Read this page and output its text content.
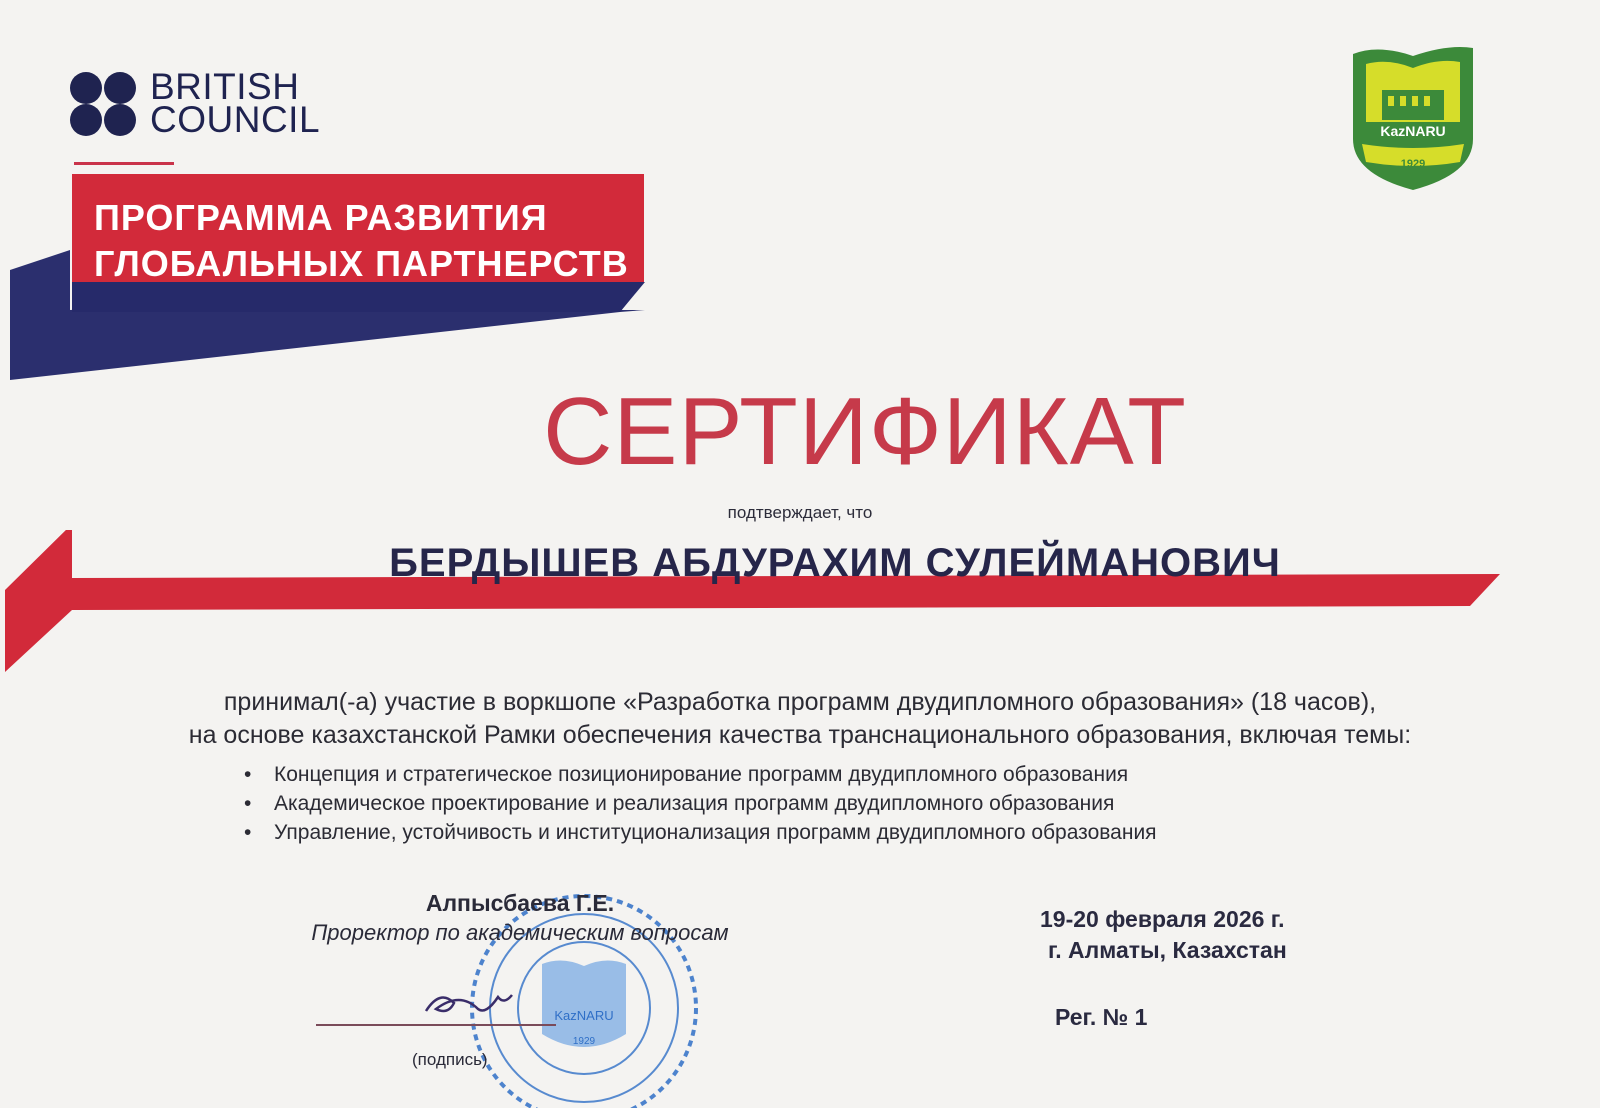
BRITISH
COUNCIL
ПРОГРАММА РАЗВИТИЯ
ГЛОБАЛЬНЫХ ПАРТНЕРСТВ
KazNARU
1929
СЕРТИФИКАТ
подтверждает, что
БЕРДЫШЕВ АБДУРАХИМ СУЛЕЙМАНОВИЧ
принимал(-а) участие в воркшопе «Разработка программ двудипломного образования» (18 часов),
на основе казахстанской Рамки обеспечения качества транснационального образования, включая темы:
• Концепция и стратегическое позиционирование программ двудипломного образования
• Академическое проектирование и реализация программ двудипломного образования
• Управление, устойчивость и институционализация программ двудипломного образования
KazNARU
1929
Алпысбаева Г.Е.
Проректор по академическим вопросам
(подпись)
19-20 февраля 2026 г.
г. Алматы, Казахстан
Рег. № 1
